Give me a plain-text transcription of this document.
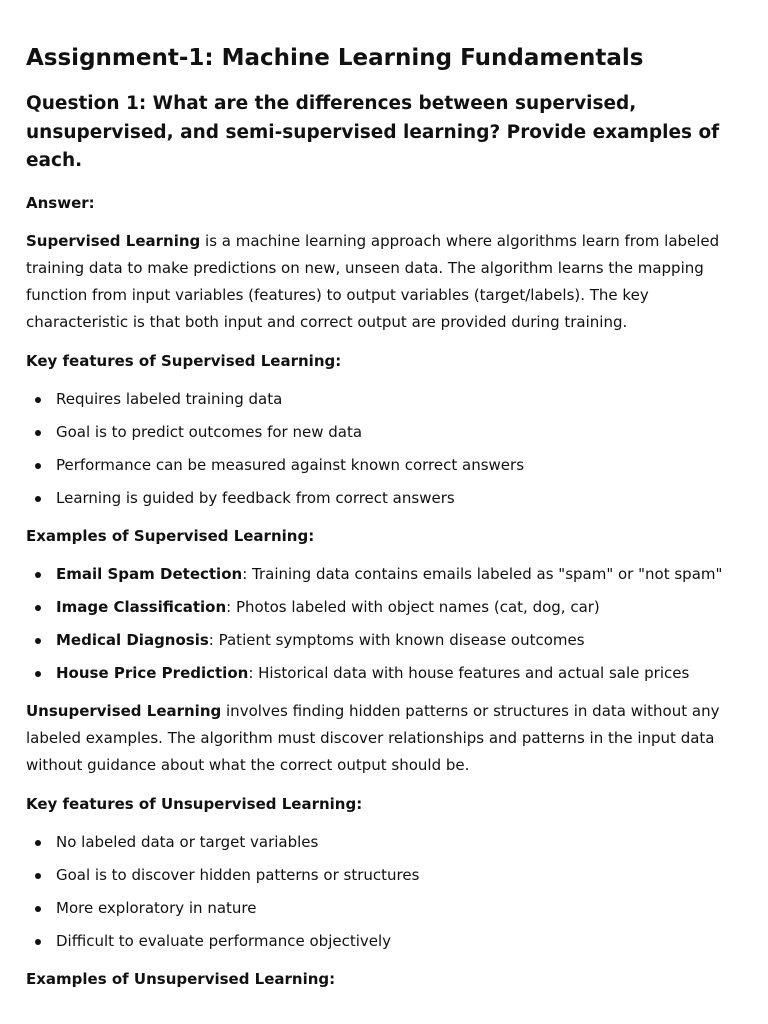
Assignment-1: Machine Learning Fundamentals
Question 1: What are the differences between supervised, unsupervised, and semi-supervised learning? Provide examples of each.
Answer:

Supervised Learning is a machine learning approach where algorithms learn from labeled training data to make predictions on new, unseen data. The algorithm learns the mapping function from input variables (features) to output variables (target/labels). The key characteristic is that both input and correct output are provided during training.

Key features of Supervised Learning:
Requires labeled training data
Goal is to predict outcomes for new data
Performance can be measured against known correct answers
Learning is guided by feedback from correct answers
Examples of Supervised Learning:
Email Spam Detection: Training data contains emails labeled as "spam" or "not spam"
Image Classification: Photos labeled with object names (cat, dog, car)
Medical Diagnosis: Patient symptoms with known disease outcomes
House Price Prediction: Historical data with house features and actual sale prices

Unsupervised Learning involves finding hidden patterns or structures in data without any labeled examples. The algorithm must discover relationships and patterns in the input data without guidance about what the correct output should be.

Key features of Unsupervised Learning:
No labeled data or target variables
Goal is to discover hidden patterns or structures
More exploratory in nature
Difficult to evaluate performance objectively
Examples of Unsupervised Learning:
